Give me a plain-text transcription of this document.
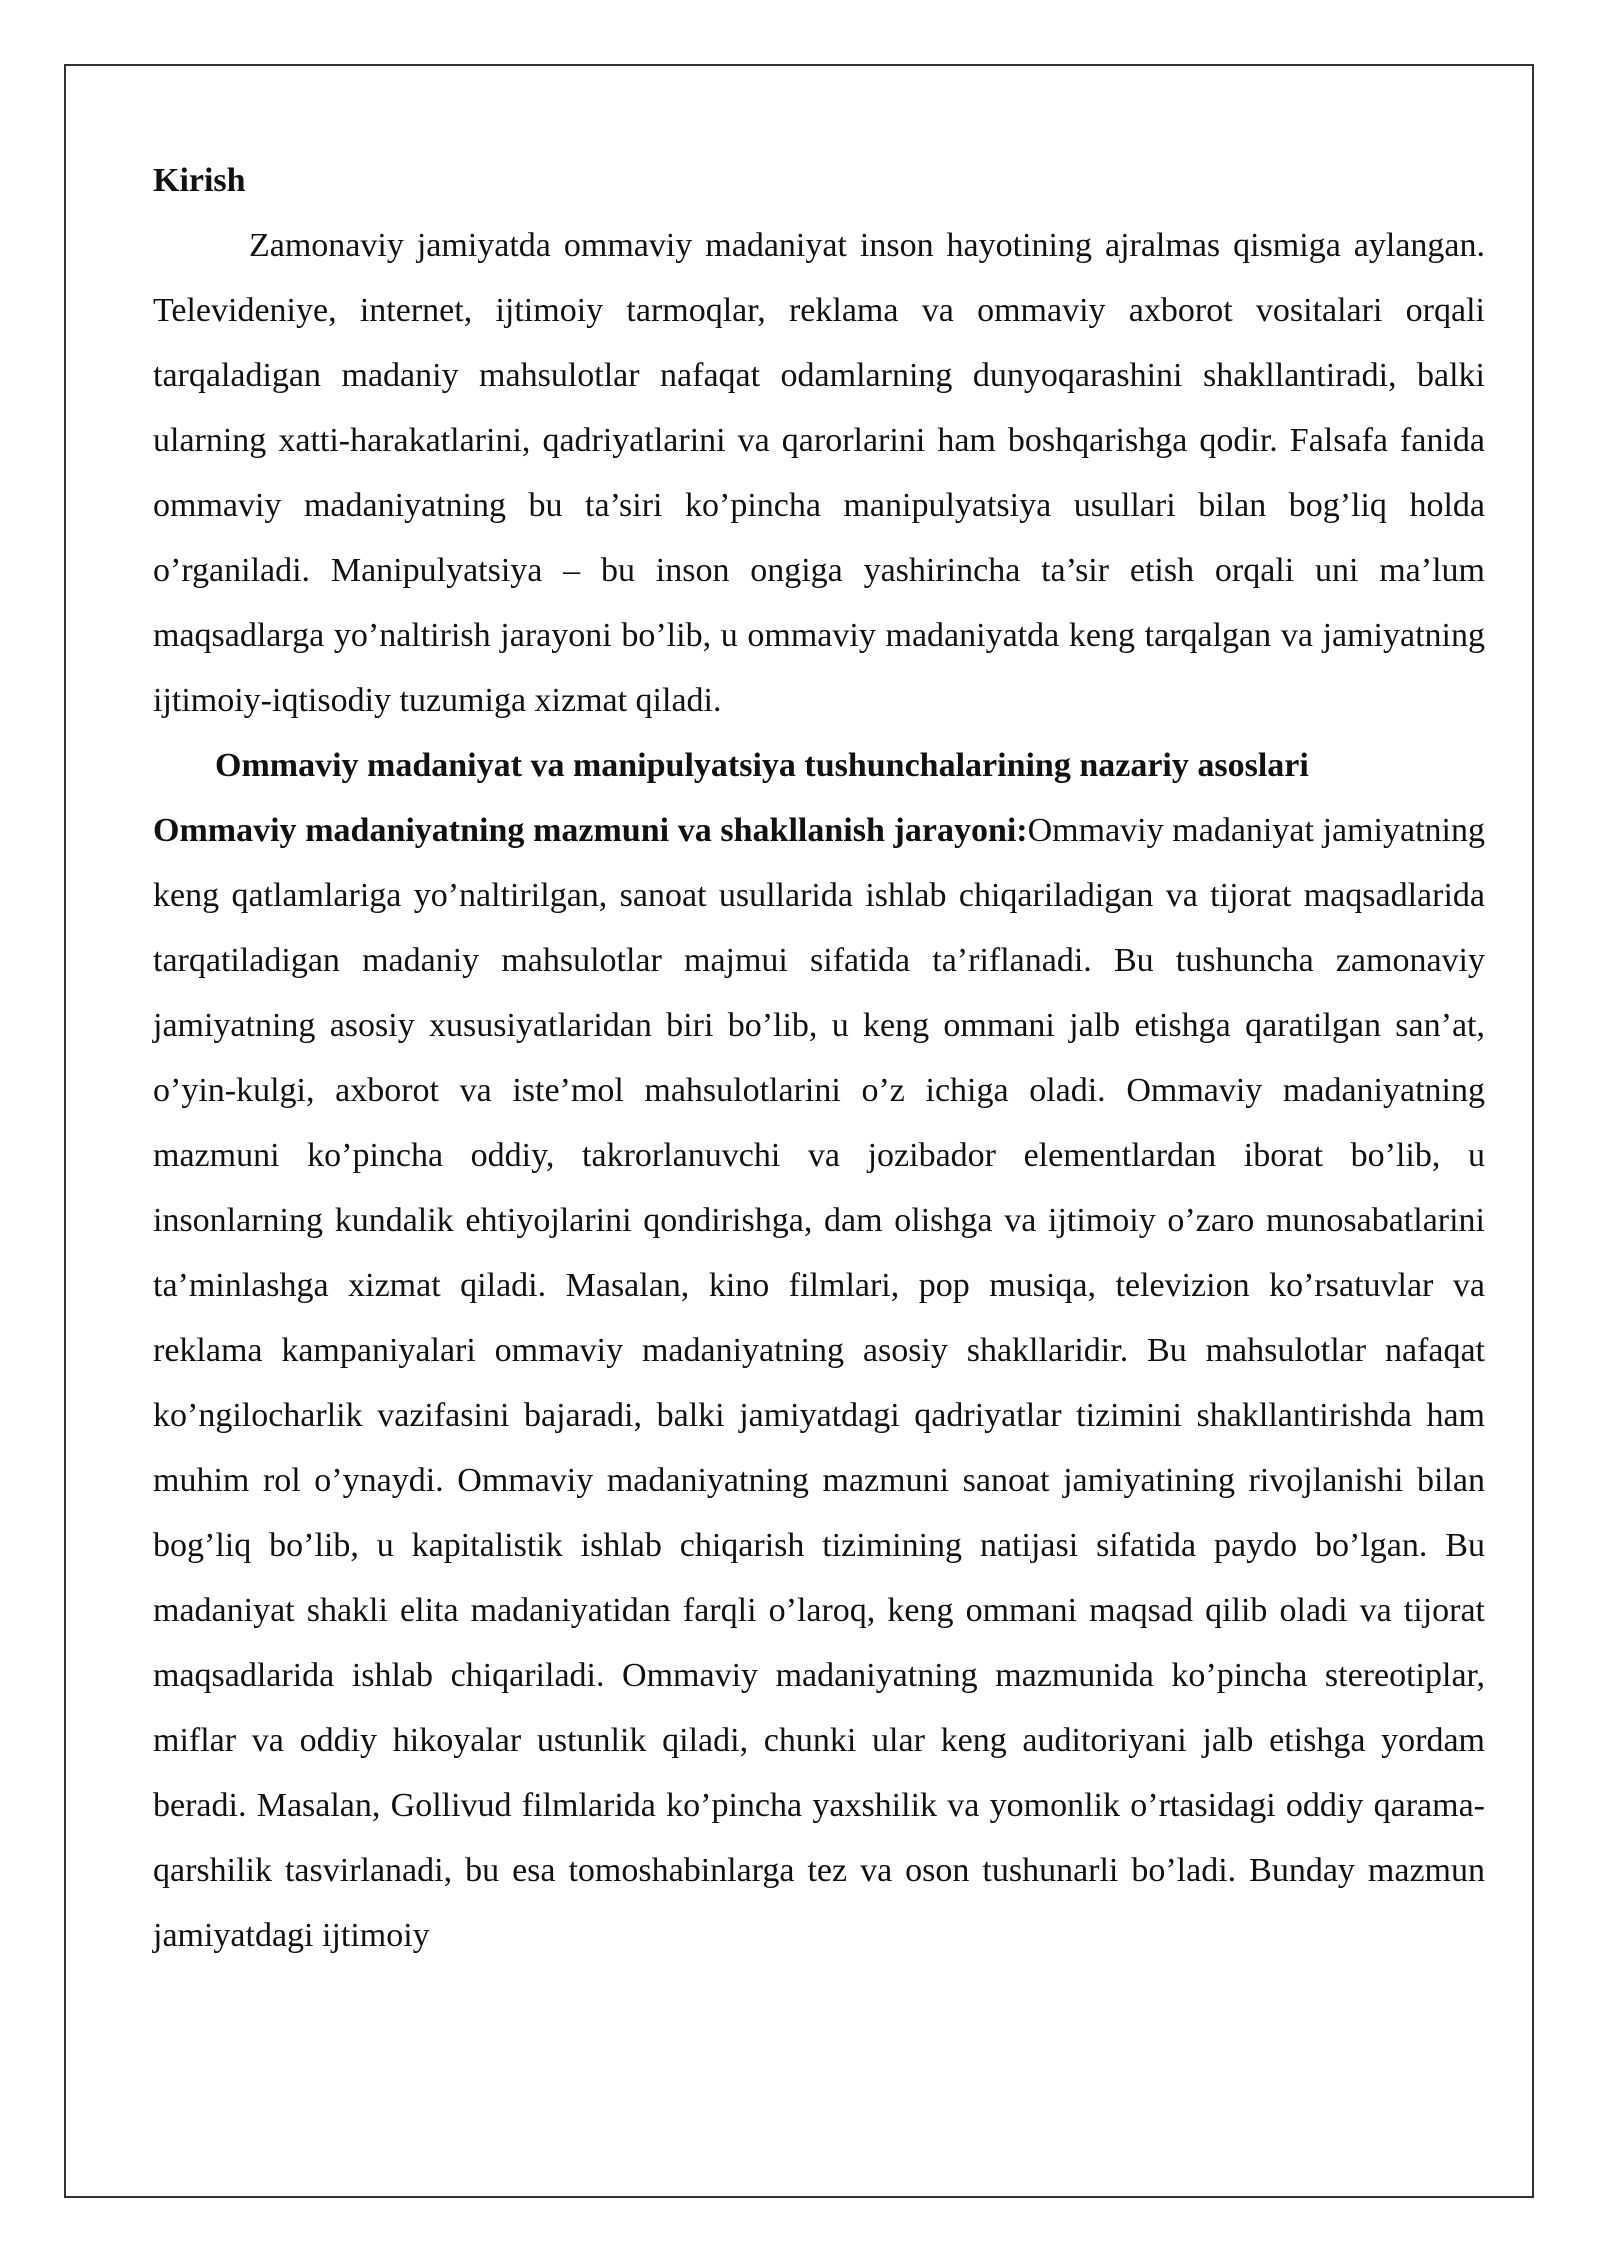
Kirish

Zamonaviy jamiyatda ommaviy madaniyat inson hayotining ajralmas qismiga aylangan. Televideniye, internet, ijtimoiy tarmoqlar, reklama va ommaviy axborot vositalari orqali tarqaladigan madaniy mahsulotlar nafaqat odamlarning dunyoqarashini shakllantiradi, balki ularning xatti-harakatlarini, qadriyatlarini va qarorlarini ham boshqarishga qodir. Falsafa fanida ommaviy madaniyatning bu ta’siri ko’pincha manipulyatsiya usullari bilan bog’liq holda o’rganiladi. Manipulyatsiya – bu inson ongiga yashirincha ta’sir etish orqali uni ma’lum maqsadlarga yo’naltirish jarayoni bo’lib, u ommaviy madaniyatda keng tarqalgan va jamiyatning ijtimoiy-iqtisodiy tuzumiga xizmat qiladi.

Ommaviy madaniyat va manipulyatsiya tushunchalarining nazariy asoslari

Ommaviy madaniyatning mazmuni va shakllanish jarayoni:Ommaviy madaniyat jamiyatning keng qatlamlariga yo’naltirilgan, sanoat usullarida ishlab chiqariladigan va tijorat maqsadlarida tarqatiladigan madaniy mahsulotlar majmui sifatida ta’riflanadi. Bu tushuncha zamonaviy jamiyatning asosiy xususiyatlaridan biri bo’lib, u keng ommani jalb etishga qaratilgan san’at, o’yin-kulgi, axborot va iste’mol mahsulotlarini o’z ichiga oladi. Ommaviy madaniyatning mazmuni ko’pincha oddiy, takrorlanuvchi va jozibador elementlardan iborat bo’lib, u insonlarning kundalik ehtiyojlarini qondirishga, dam olishga va ijtimoiy o’zaro munosabatlarini ta’minlashga xizmat qiladi. Masalan, kino filmlari, pop musiqa, televizion ko’rsatuvlar va reklama kampaniyalari ommaviy madaniyatning asosiy shakllaridir. Bu mahsulotlar nafaqat ko’ngilocharlik vazifasini bajaradi, balki jamiyatdagi qadriyatlar tizimini shakllantirishda ham muhim rol o’ynaydi. Ommaviy madaniyatning mazmuni sanoat jamiyatining rivojlanishi bilan bog’liq bo’lib, u kapitalistik ishlab chiqarish tizimining natijasi sifatida paydo bo’lgan. Bu madaniyat shakli elita madaniyatidan farqli o’laroq, keng ommani maqsad qilib oladi va tijorat maqsadlarida ishlab chiqariladi. Ommaviy madaniyatning mazmunida ko’pincha stereotiplar, miflar va oddiy hikoyalar ustunlik qiladi, chunki ular keng auditoriyani jalb etishga yordam beradi. Masalan, Gollivud filmlarida ko’pincha yaxshilik va yomonlik o’rtasidagi oddiy qarama-qarshilik tasvirlanadi, bu esa tomoshabinlarga tez va oson tushunarli bo’ladi. Bunday mazmun jamiyatdagi ijtimoiy
